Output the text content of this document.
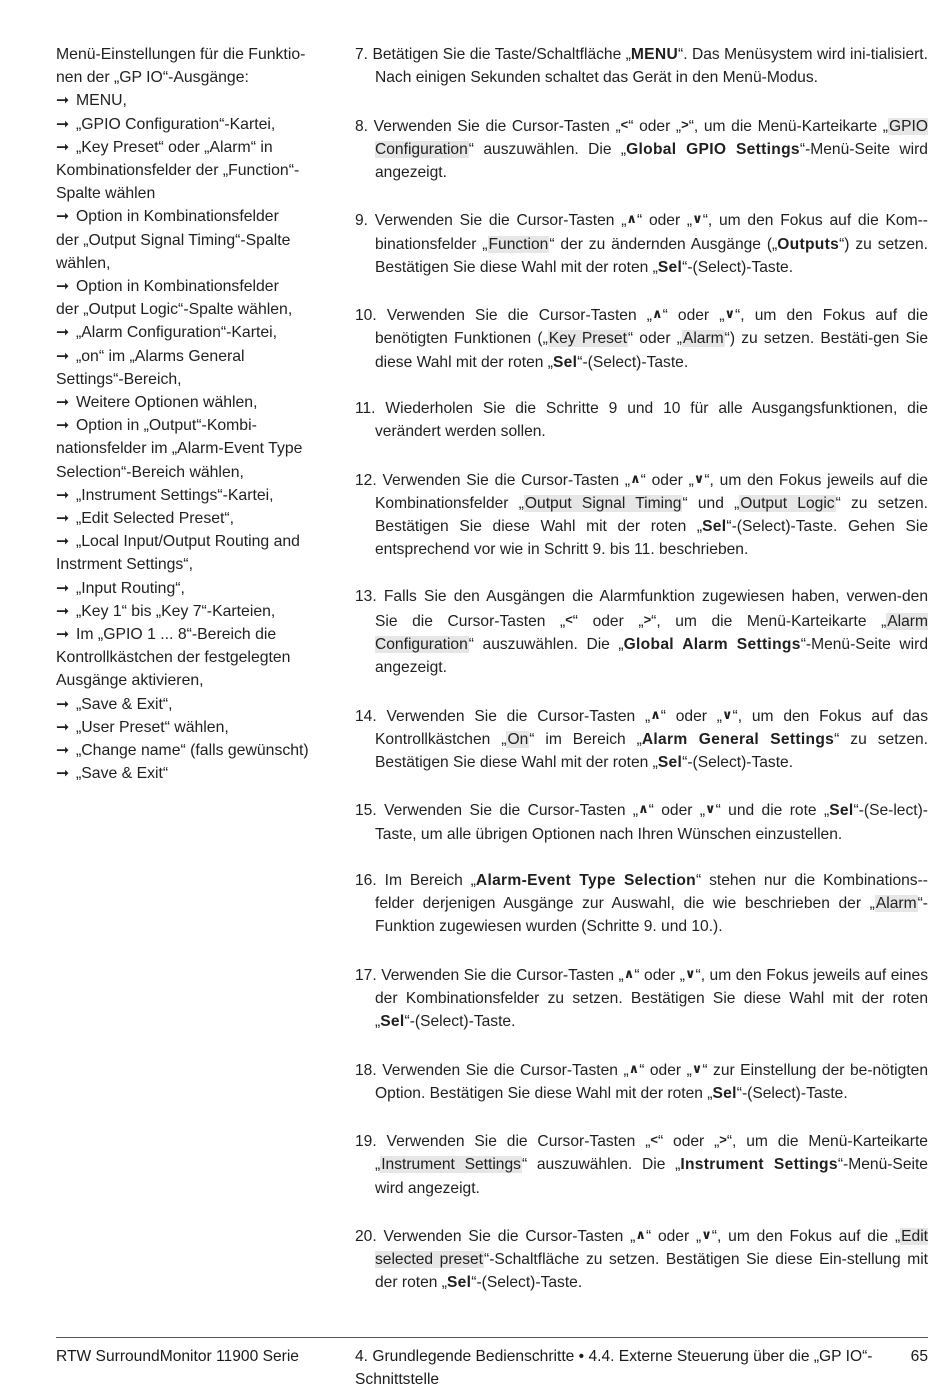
Menü-Einstellungen für die Funktio-
nen der „GP IO“-Ausgänge:
➞ MENU,
➞ „GPIO Configuration“-Kartei,
➞ „Key Preset“ oder „Alarm“ in
Kombinationsfelder der „Function“-
Spalte wählen
➞ Option in Kombinationsfelder
der „Output Signal Timing“-Spalte
wählen,
➞ Option in Kombinationsfelder
der „Output Logic“-Spalte wählen,
➞ „Alarm Configuration“-Kartei,
➞ „on“ im „Alarms General
Settings“-Bereich,
➞ Weitere Optionen wählen,
➞ Option in „Output“-Kombi-
nationsfelder im „Alarm-Event Type
Selection“-Bereich wählen,
➞ „Instrument Settings“-Kartei,
➞ „Edit Selected Preset“,
➞ „Local Input/Output Routing and
Instrment Settings“,
➞ „Input Routing“,
➞ „Key 1“ bis „Key 7“-Karteien,
➞ Im „GPIO 1 ... 8“-Bereich die
Kontrollkästchen der festgelegten
Ausgänge aktivieren,
➞ „Save & Exit“,
➞ „User Preset“ wählen,
➞ „Change name“ (falls gewünscht)
➞ „Save & Exit“

7. Betätigen Sie die Taste/Schaltfläche „MENU“. Das Menüsystem wird ini-tialisiert. Nach einigen Sekunden schaltet das Gerät in den Menü-Modus.

8. Verwenden Sie die Cursor-Tasten „<“ oder „>“, um die Menü-Karteikarte „GPIO Configuration“ auszuwählen. Die „Global GPIO Settings“-Menü-Seite wird angezeigt.

9. Verwenden Sie die Cursor-Tasten „∧“ oder „∨“, um den Fokus auf die Kom-binationsfelder „Function“ der zu ändernden Ausgänge („Outputs“) zu setzen. Bestätigen Sie diese Wahl mit der roten „Sel“-(Select)-Taste.

10. Verwenden Sie die Cursor-Tasten „∧“ oder „∨“, um den Fokus auf die benötigten Funktionen („Key Preset“ oder „Alarm“) zu setzen. Bestäti-gen Sie diese Wahl mit der roten „Sel“-(Select)-Taste.

11. Wiederholen Sie die Schritte 9 und 10 für alle Ausgangsfunktionen, die verändert werden sollen.

12. Verwenden Sie die Cursor-Tasten „∧“ oder „∨“, um den Fokus jeweils auf die Kombinationsfelder „Output Signal Timing“ und „Output Logic“ zu setzen. Bestätigen Sie diese Wahl mit der roten „Sel“-(Select)-Taste. Gehen Sie entsprechend vor wie in Schritt 9. bis 11. beschrieben.

13. Falls Sie den Ausgängen die Alarmfunktion zugewiesen haben, verwen-den Sie die Cursor-Tasten „<“ oder „>“, um die Menü-Karteikarte „Alarm Configuration“ auszuwählen. Die „Global Alarm Settings“-Menü-Seite wird angezeigt.

14. Verwenden Sie die Cursor-Tasten „∧“ oder „∨“, um den Fokus auf das Kontrollkästchen „On“ im Bereich „Alarm General Settings“ zu setzen. Bestätigen Sie diese Wahl mit der roten „Sel“-(Select)-Taste.

15. Verwenden Sie die Cursor-Tasten „∧“ oder „∨“ und die rote „Sel“-(Se-lect)-Taste, um alle übrigen Optionen nach Ihren Wünschen einzustellen.

16. Im Bereich „Alarm-Event Type Selection“ stehen nur die Kombinations-felder derjenigen Ausgänge zur Auswahl, die wie beschrieben der „Alarm“-Funktion zugewiesen wurden (Schritte 9. und 10.).

17. Verwenden Sie die Cursor-Tasten „∧“ oder „∨“, um den Fokus jeweils auf eines der Kombinationsfelder zu setzen. Bestätigen Sie diese Wahl mit der roten „Sel“-(Select)-Taste.

18. Verwenden Sie die Cursor-Tasten „∧“ oder „∨“ zur Einstellung der be-nötigten Option. Bestätigen Sie diese Wahl mit der roten „Sel“-(Select)-Taste.

19. Verwenden Sie die Cursor-Tasten „<“ oder „>“, um die Menü-Karteikarte „Instrument Settings“ auszuwählen. Die „Instrument Settings“-Menü-Seite wird angezeigt.

20. Verwenden Sie die Cursor-Tasten „∧“ oder „∨“, um den Fokus auf die „Edit selected preset“-Schaltfläche zu setzen. Bestätigen Sie diese Ein-stellung mit der roten „Sel“-(Select)-Taste.

RTW SurroundMonitor 11900 Serie	4. Grundlegende Bedienschritte • 4.4. Externe Steuerung über die „GP IO“-Schnittstelle
65
